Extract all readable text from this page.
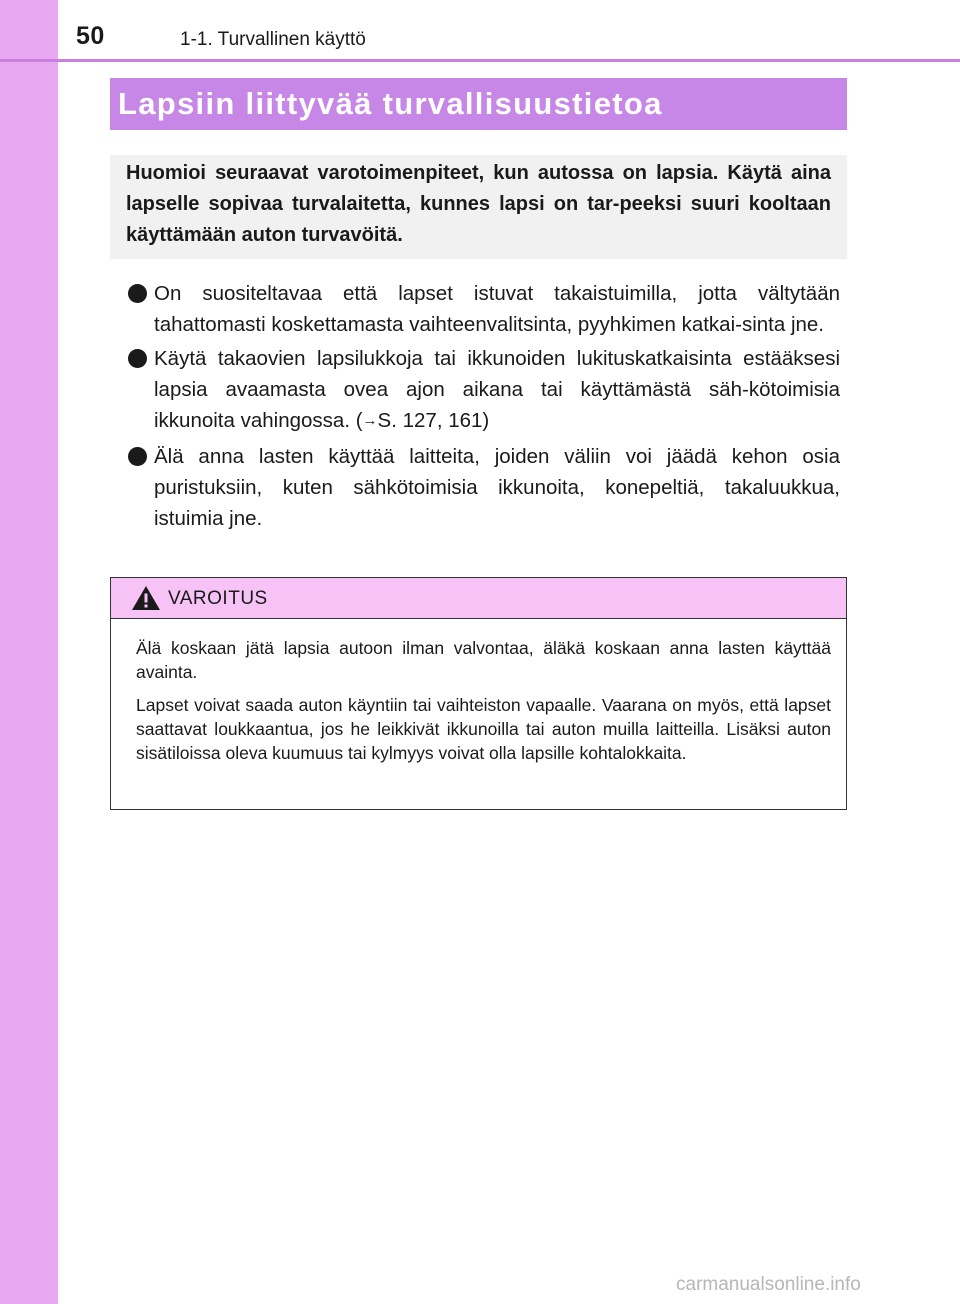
50	1-1. Turvallinen käyttö
Lapsiin liittyvää turvallisuustietoa

Huomioi seuraavat varotoimenpiteet, kun autossa on lapsia. Käytä aina lapselle sopivaa turvalaitetta, kunnes lapsi on tar-peeksi suuri kooltaan käyttämään auton turvavöitä.

On suositeltavaa että lapset istuvat takaistuimilla, jotta vältytään tahattomasti koskettamasta vaihteenvalitsinta, pyyhkimen katkai-sinta jne.
Käytä takaovien lapsilukkoja tai ikkunoiden lukituskatkaisinta estääksesi lapsia avaamasta ovea ajon aikana tai käyttämästä säh-kötoimisia ikkunoita vahingossa. (→S. 127, 161)
Älä anna lasten käyttää laitteita, joiden väliin voi jäädä kehon osia puristuksiin, kuten sähkötoimisia ikkunoita, konepeltiä, takaluukkua, istuimia jne.
VAROITUS

Älä koskaan jätä lapsia autoon ilman valvontaa, äläkä koskaan anna lasten käyttää avainta.

Lapset voivat saada auton käyntiin tai vaihteiston vapaalle. Vaarana on myös, että lapset saattavat loukkaantua, jos he leikkivät ikkunoilla tai auton muilla laitteilla. Lisäksi auton sisätiloissa oleva kuumuus tai kylmyys voivat olla lapsille kohtalokkaita.

carmanualsonline.info
